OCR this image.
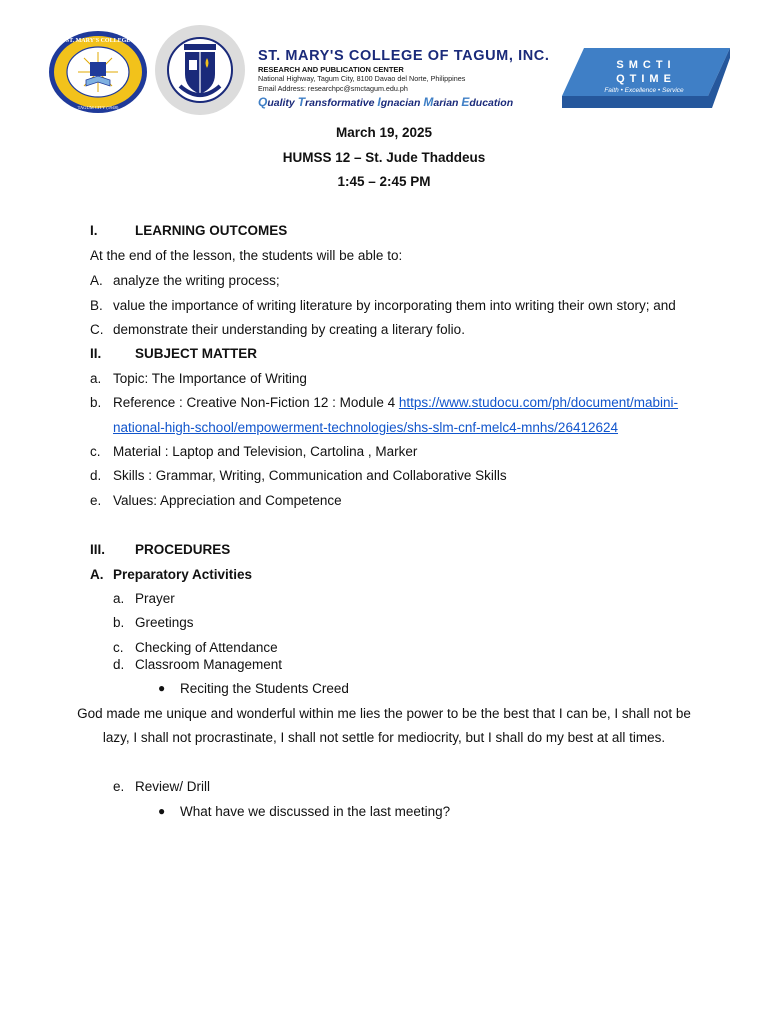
ST. MARY'S COLLEGE
TAGUM CITY (1948)
ST. MARY'S COLLEGE OF TAGUM, INC.
RESEARCH AND PUBLICATION CENTER
National Highway, Tagum City, 8100 Davao del Norte, Philippines
Email Address: researchpc@smctagum.edu.ph
Quality Transformative Ignacian Marian Education
SMCTI
QTIME
Faith • Excellence • Service
March 19, 2025
HUMSS 12 – St. Jude Thaddeus
1:45 – 2:45 PM
I.	LEARNING OUTCOMES
At the end of the lesson, the students will be able to:
A. analyze the writing process;
B. value the importance of writing literature by incorporating them into writing their own story; and
C. demonstrate their understanding by creating a literary folio.
II. SUBJECT MATTER
a. Topic: The Importance of Writing
b. Reference : Creative Non-Fiction 12 : Module 4 https://www.studocu.com/ph/document/mabini-
national-high-school/empowerment-technologies/shs-slm-cnf-melc4-mnhs/26412624
c. Material : Laptop and Television, Cartolina , Marker
d. Skills : Grammar, Writing, Communication and Collaborative Skills
e. Values: Appreciation and Competence
III. PROCEDURES
A. Preparatory Activities
a. Prayer
b. Greetings
c. Checking of Attendance
d. Classroom Management
● Reciting the Students Creed
God made me unique and wonderful within me lies the power to be the best that I can be, I shall not be
lazy, I shall not procrastinate, I shall not settle for mediocrity, but I shall do my best at all times.
e. Review/ Drill
● What have we discussed in the last meeting?
